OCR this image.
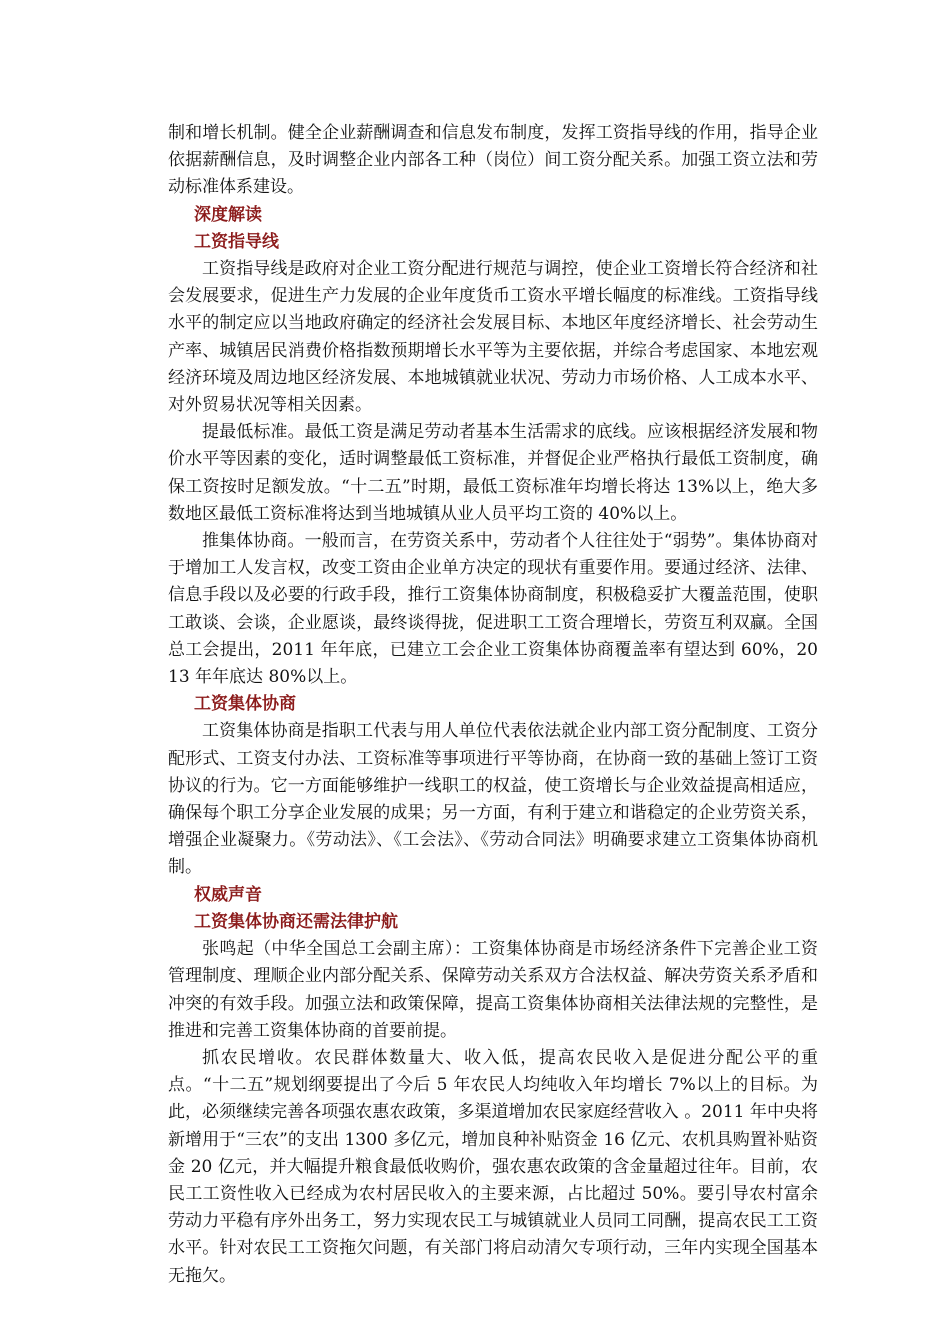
制和增长机制。健全企业薪酬调查和信息发布制度，发挥工资指导线的作用，指导企业依据薪酬信息，及时调整企业内部各工种（岗位）间工资分配关系。加强工资立法和劳动标准体系建设。

深度解读

工资指导线

工资指导线是政府对企业工资分配进行规范与调控，使企业工资增长符合经济和社会发展要求，促进生产力发展的企业年度货币工资水平增长幅度的标准线。工资指导线水平的制定应以当地政府确定的经济社会发展目标、本地区年度经济增长、社会劳动生产率、城镇居民消费价格指数预期增长水平等为主要依据，并综合考虑国家、本地宏观经济环境及周边地区经济发展、本地城镇就业状况、劳动力市场价格、人工成本水平、对外贸易状况等相关因素。

提最低标准。最低工资是满足劳动者基本生活需求的底线。应该根据经济发展和物价水平等因素的变化，适时调整最低工资标准，并督促企业严格执行最低工资制度，确保工资按时足额发放。“十二五”时期，最低工资标准年均增长将达 13%以上，绝大多数地区最低工资标准将达到当地城镇从业人员平均工资的 40%以上。

推集体协商。一般而言，在劳资关系中，劳动者个人往往处于“弱势”。集体协商对于增加工人发言权，改变工资由企业单方决定的现状有重要作用。要通过经济、法律、信息手段以及必要的行政手段，推行工资集体协商制度，积极稳妥扩大覆盖范围，使职工敢谈、会谈，企业愿谈，最终谈得拢，促进职工工资合理增长，劳资互利双赢。全国总工会提出，2011 年年底，已建立工会企业工资集体协商覆盖率有望达到 60%，2013 年年底达 80%以上。

工资集体协商

工资集体协商是指职工代表与用人单位代表依法就企业内部工资分配制度、工资分配形式、工资支付办法、工资标准等事项进行平等协商，在协商一致的基础上签订工资协议的行为。它一方面能够维护一线职工的权益，使工资增长与企业效益提高相适应，确保每个职工分享企业发展的成果；另一方面，有利于建立和谐稳定的企业劳资关系，增强企业凝聚力。《劳动法》、《工会法》、《劳动合同法》明确要求建立工资集体协商机制。

权威声音

工资集体协商还需法律护航

张鸣起（中华全国总工会副主席）：工资集体协商是市场经济条件下完善企业工资管理制度、理顺企业内部分配关系、保障劳动关系双方合法权益、解决劳资关系矛盾和冲突的有效手段。加强立法和政策保障，提高工资集体协商相关法律法规的完整性，是推进和完善工资集体协商的首要前提。

抓农民增收。农民群体数量大、收入低，提高农民收入是促进分配公平的重点。“十二五”规划纲要提出了今后 5 年农民人均纯收入年均增长 7%以上的目标。为此，必须继续完善各项强农惠农政策，多渠道增加农民家庭经营收入 。2011 年中央将新增用于“三农”的支出 1300 多亿元，增加良种补贴资金 16 亿元、农机具购置补贴资金 20 亿元，并大幅提升粮食最低收购价，强农惠农政策的含金量超过往年。目前，农民工工资性收入已经成为农村居民收入的主要来源，占比超过 50%。要引导农村富余劳动力平稳有序外出务工，努力实现农民工与城镇就业人员同工同酬，提高农民工工资水平。针对农民工工资拖欠问题，有关部门将启动清欠专项行动，三年内实现全国基本无拖欠。
